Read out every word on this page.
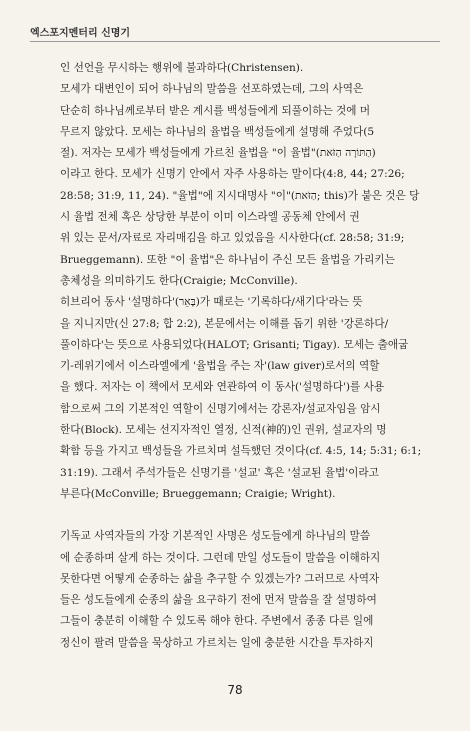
엑스포지멘터리 신명기
인 선언을 무시하는 행위에 불과하다(Christensen).
모세가 대변인이 되어 하나님의 말씀을 선포하였는데, 그의 사역은
단순히 하나님께로부터 받은 계시를 백성들에게 되풀이하는 것에 머
무르지 않았다. 모세는 하나님의 율법을 백성들에게 설명해 주었다(5
절). 저자는 모세가 백성들에게 가르친 율법을 "이 율법"(הַתּוֹרָה הַזֹּאת)
이라고 한다. 모세가 신명기 안에서 자주 사용하는 말이다(4:8, 44; 27:26;
28:58; 31:9, 11, 24). "율법"에 지시대명사 "이"(הַזֹּאת; this)가 붙은 것은 당
시 율법 전체 혹은 상당한 부분이 이미 이스라엘 공동체 안에서 권
위 있는 문서/자료로 자리매김을 하고 있었음을 시사한다(cf. 28:58; 31:9;
Brueggemann). 또한 "이 율법"은 하나님이 주신 모든 율법을 가리키는
총체성을 의미하기도 한다(Craigie; McConville).
히브리어 동사 '설명하다'(בָּאֵר)가 때로는 '기록하다/새기다'라는 뜻
을 지니지만(신 27:8; 합 2:2), 본문에서는 이해를 돕기 위한 '강론하다/
풀이하다'는 뜻으로 사용되었다(HALOT; Grisanti; Tigay). 모세는 출애굽
기-레위기에서 이스라엘에게 '율법을 주는 자'(law giver)로서의 역할
을 했다. 저자는 이 책에서 모세와 연관하여 이 동사('설명하다')를 사용
함으로써 그의 기본적인 역할이 신명기에서는 강론자/설교자임을 암시
한다(Block). 모세는 선지자적인 열정, 신적(神的)인 권위, 설교자의 명
확함 등을 가지고 백성들을 가르치며 설득했던 것이다(cf. 4:5, 14; 5:31; 6:1;
31:19). 그래서 주석가들은 신명기를 '설교' 혹은 '설교된 율법'이라고
부른다(McConville; Brueggemann; Craigie; Wright).
기독교 사역자들의 가장 기본적인 사명은 성도들에게 하나님의 말씀
에 순종하며 살게 하는 것이다. 그런데 만일 성도들이 말씀을 이해하지
못한다면 어떻게 순종하는 삶을 추구할 수 있겠는가? 그러므로 사역자
들은 성도들에게 순종의 삶을 요구하기 전에 먼저 말씀을 잘 설명하여
그들이 충분히 이해할 수 있도록 해야 한다. 주변에서 종종 다른 일에
정신이 팔려 말씀을 묵상하고 가르치는 일에 충분한 시간을 투자하지
78
